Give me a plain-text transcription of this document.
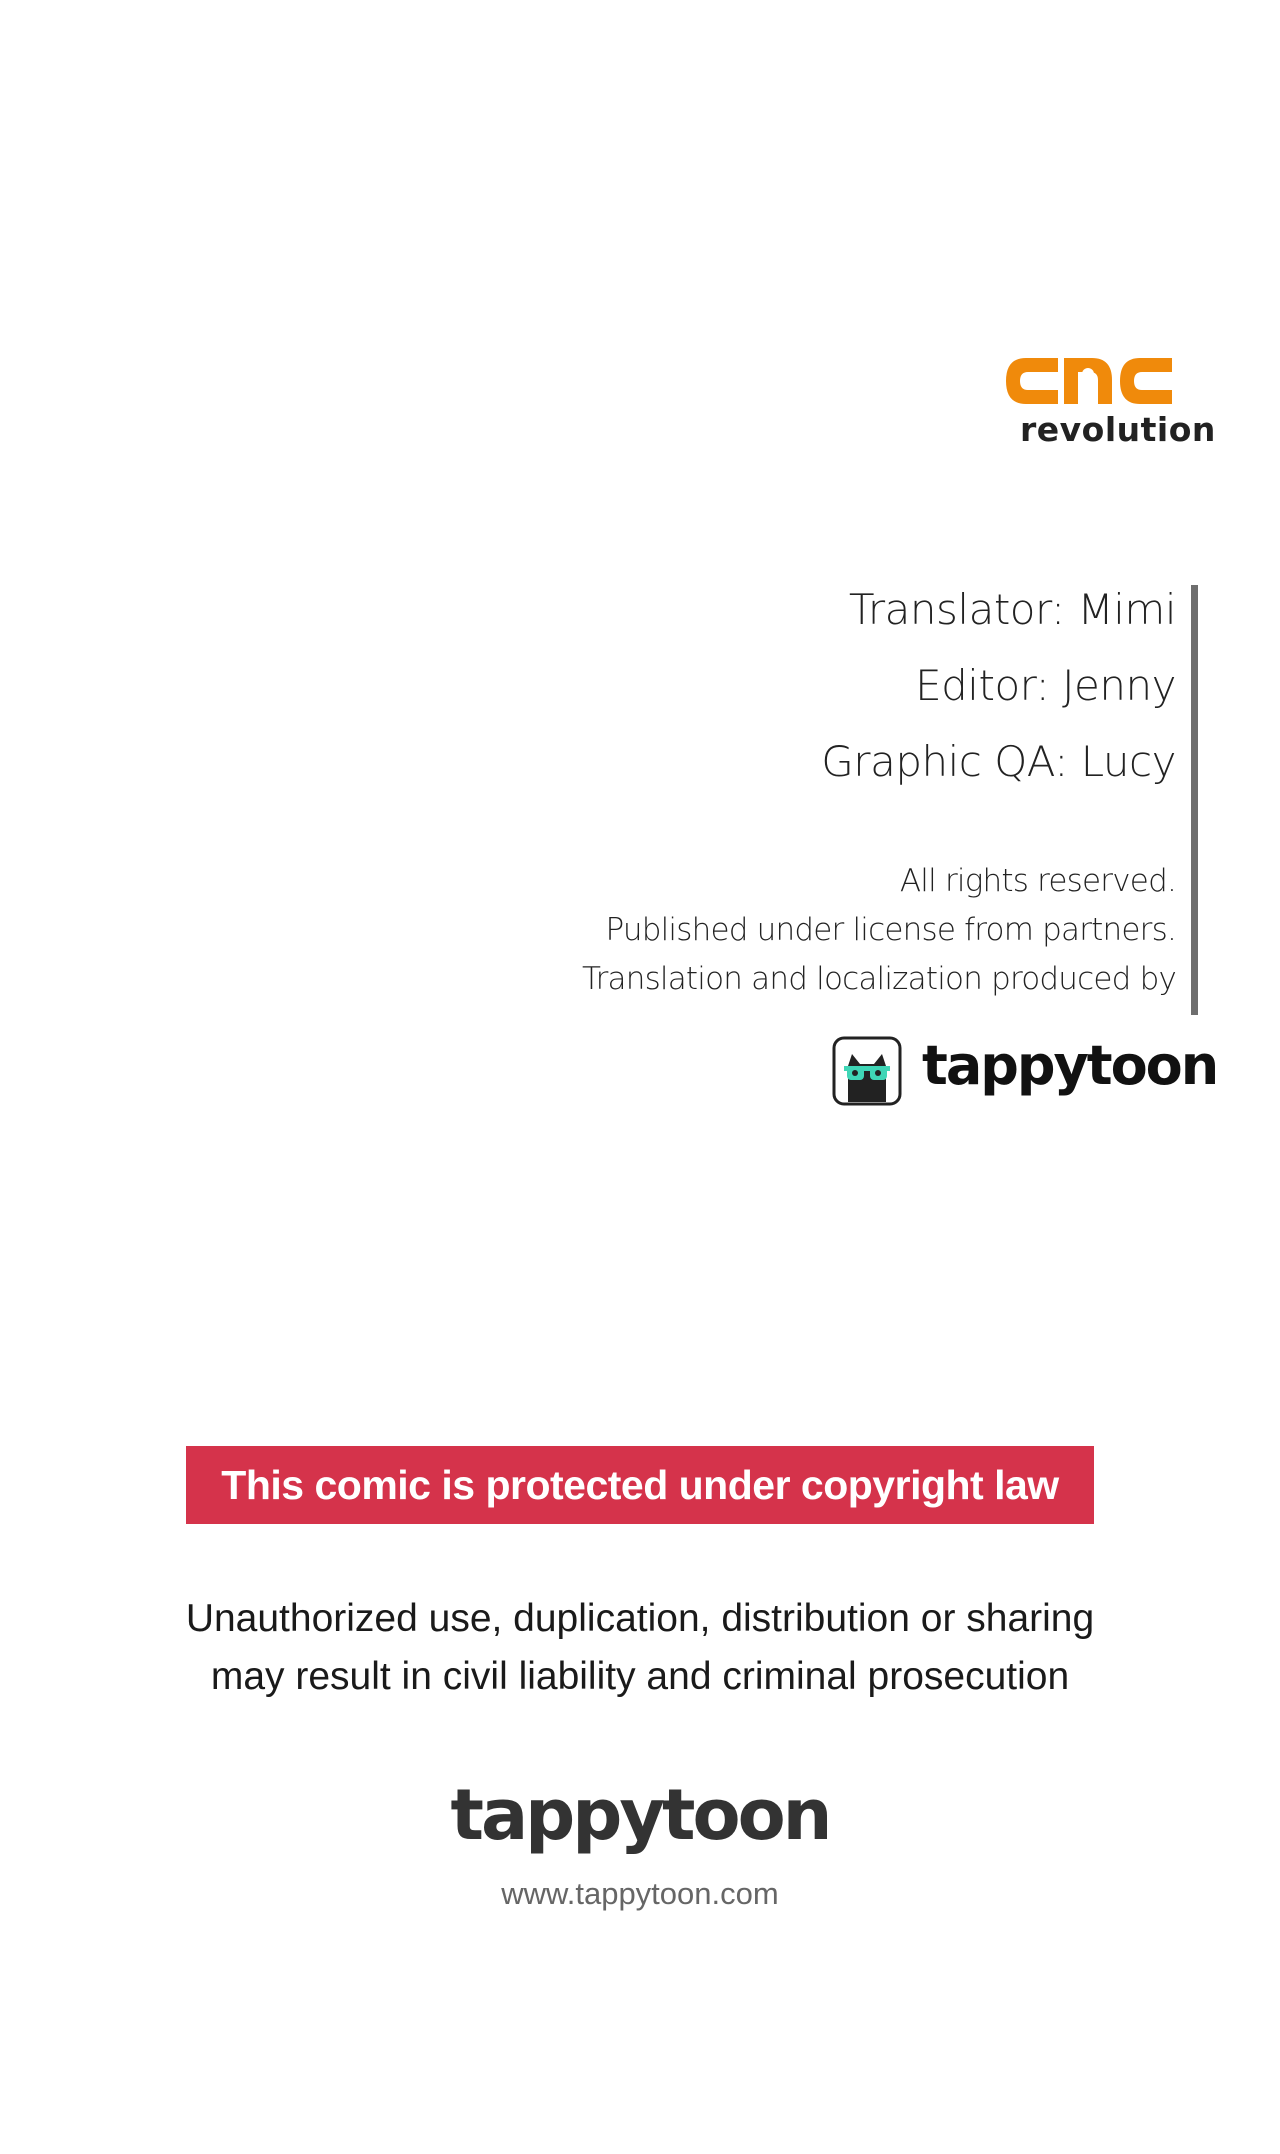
revolution
Translator: Mimi
Editor: Jenny
Graphic QA: Lucy
All rights reserved.
Published under license from partners.
Translation and localization produced by
tappytoon
This comic is protected under copyright law
Unauthorized use, duplication, distribution or sharing
may result in civil liability and criminal prosecution
tappytoon
www.tappytoon.com
